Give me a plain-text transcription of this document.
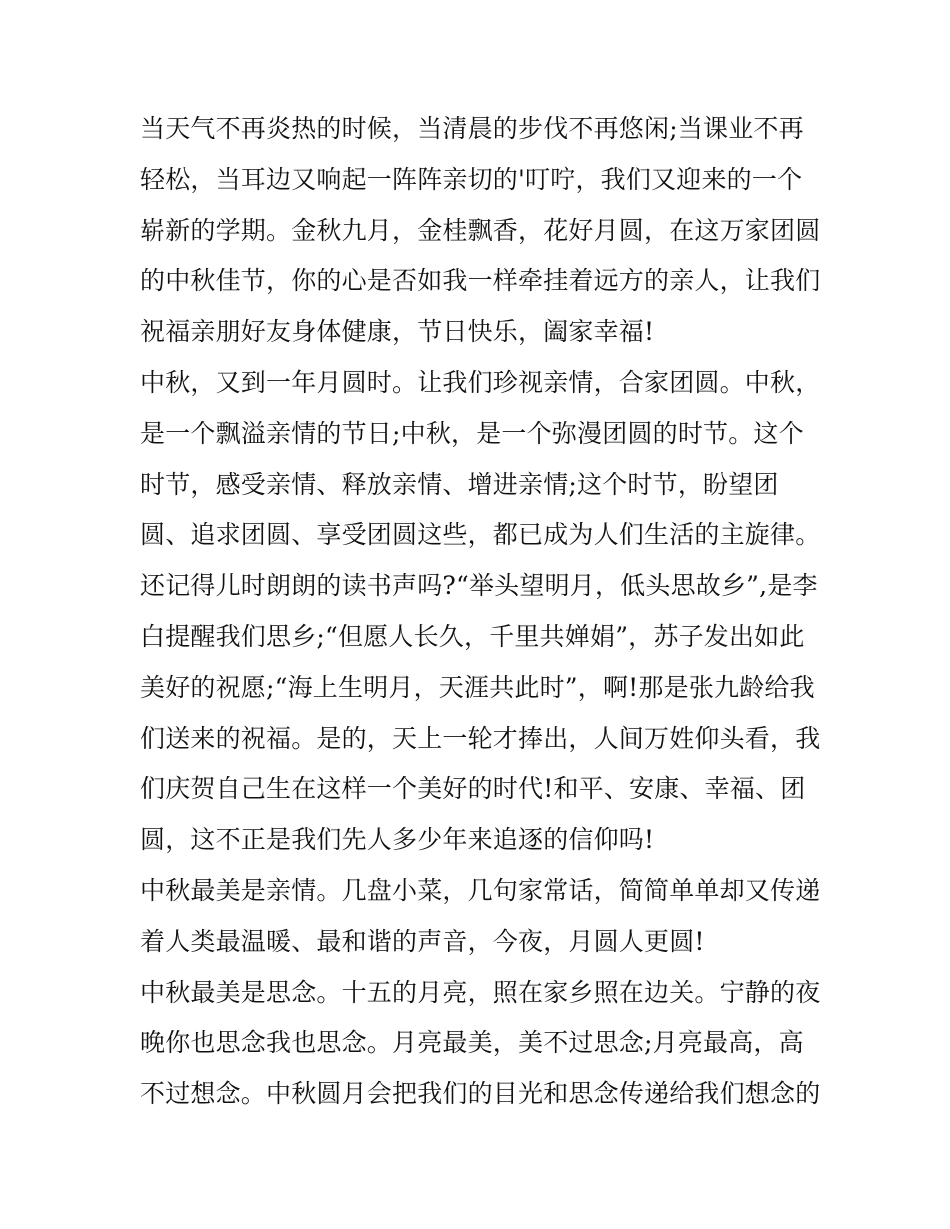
当天气不再炎热的时候，当清晨的步伐不再悠闲;当课业不再
轻松，当耳边又响起一阵阵亲切的'叮咛，我们又迎来的一个
崭新的学期。金秋九月，金桂飘香，花好月圆，在这万家团圆
的中秋佳节，你的心是否如我一样牵挂着远方的亲人，让我们
祝福亲朋好友身体健康，节日快乐，阖家幸福!
中秋，又到一年月圆时。让我们珍视亲情，合家团圆。中秋，
是一个飘溢亲情的节日;中秋，是一个弥漫团圆的时节。这个
时节，感受亲情、释放亲情、增进亲情;这个时节，盼望团
圆、追求团圆、享受团圆这些，都已成为人们生活的主旋律。
还记得儿时朗朗的读书声吗?“举头望明月，低头思故乡”,是李
白提醒我们思乡;“但愿人长久，千里共婵娟”，苏子发出如此
美好的祝愿;“海上生明月，天涯共此时”，啊!那是张九龄给我
们送来的祝福。是的，天上一轮才捧出，人间万姓仰头看，我
们庆贺自己生在这样一个美好的时代!和平、安康、幸福、团
圆，这不正是我们先人多少年来追逐的信仰吗!
中秋最美是亲情。几盘小菜，几句家常话，简简单单却又传递
着人类最温暖、最和谐的声音，今夜，月圆人更圆!
中秋最美是思念。十五的月亮，照在家乡照在边关。宁静的夜
晚你也思念我也思念。月亮最美，美不过思念;月亮最高，高
不过想念。中秋圆月会把我们的目光和思念传递给我们想念的
